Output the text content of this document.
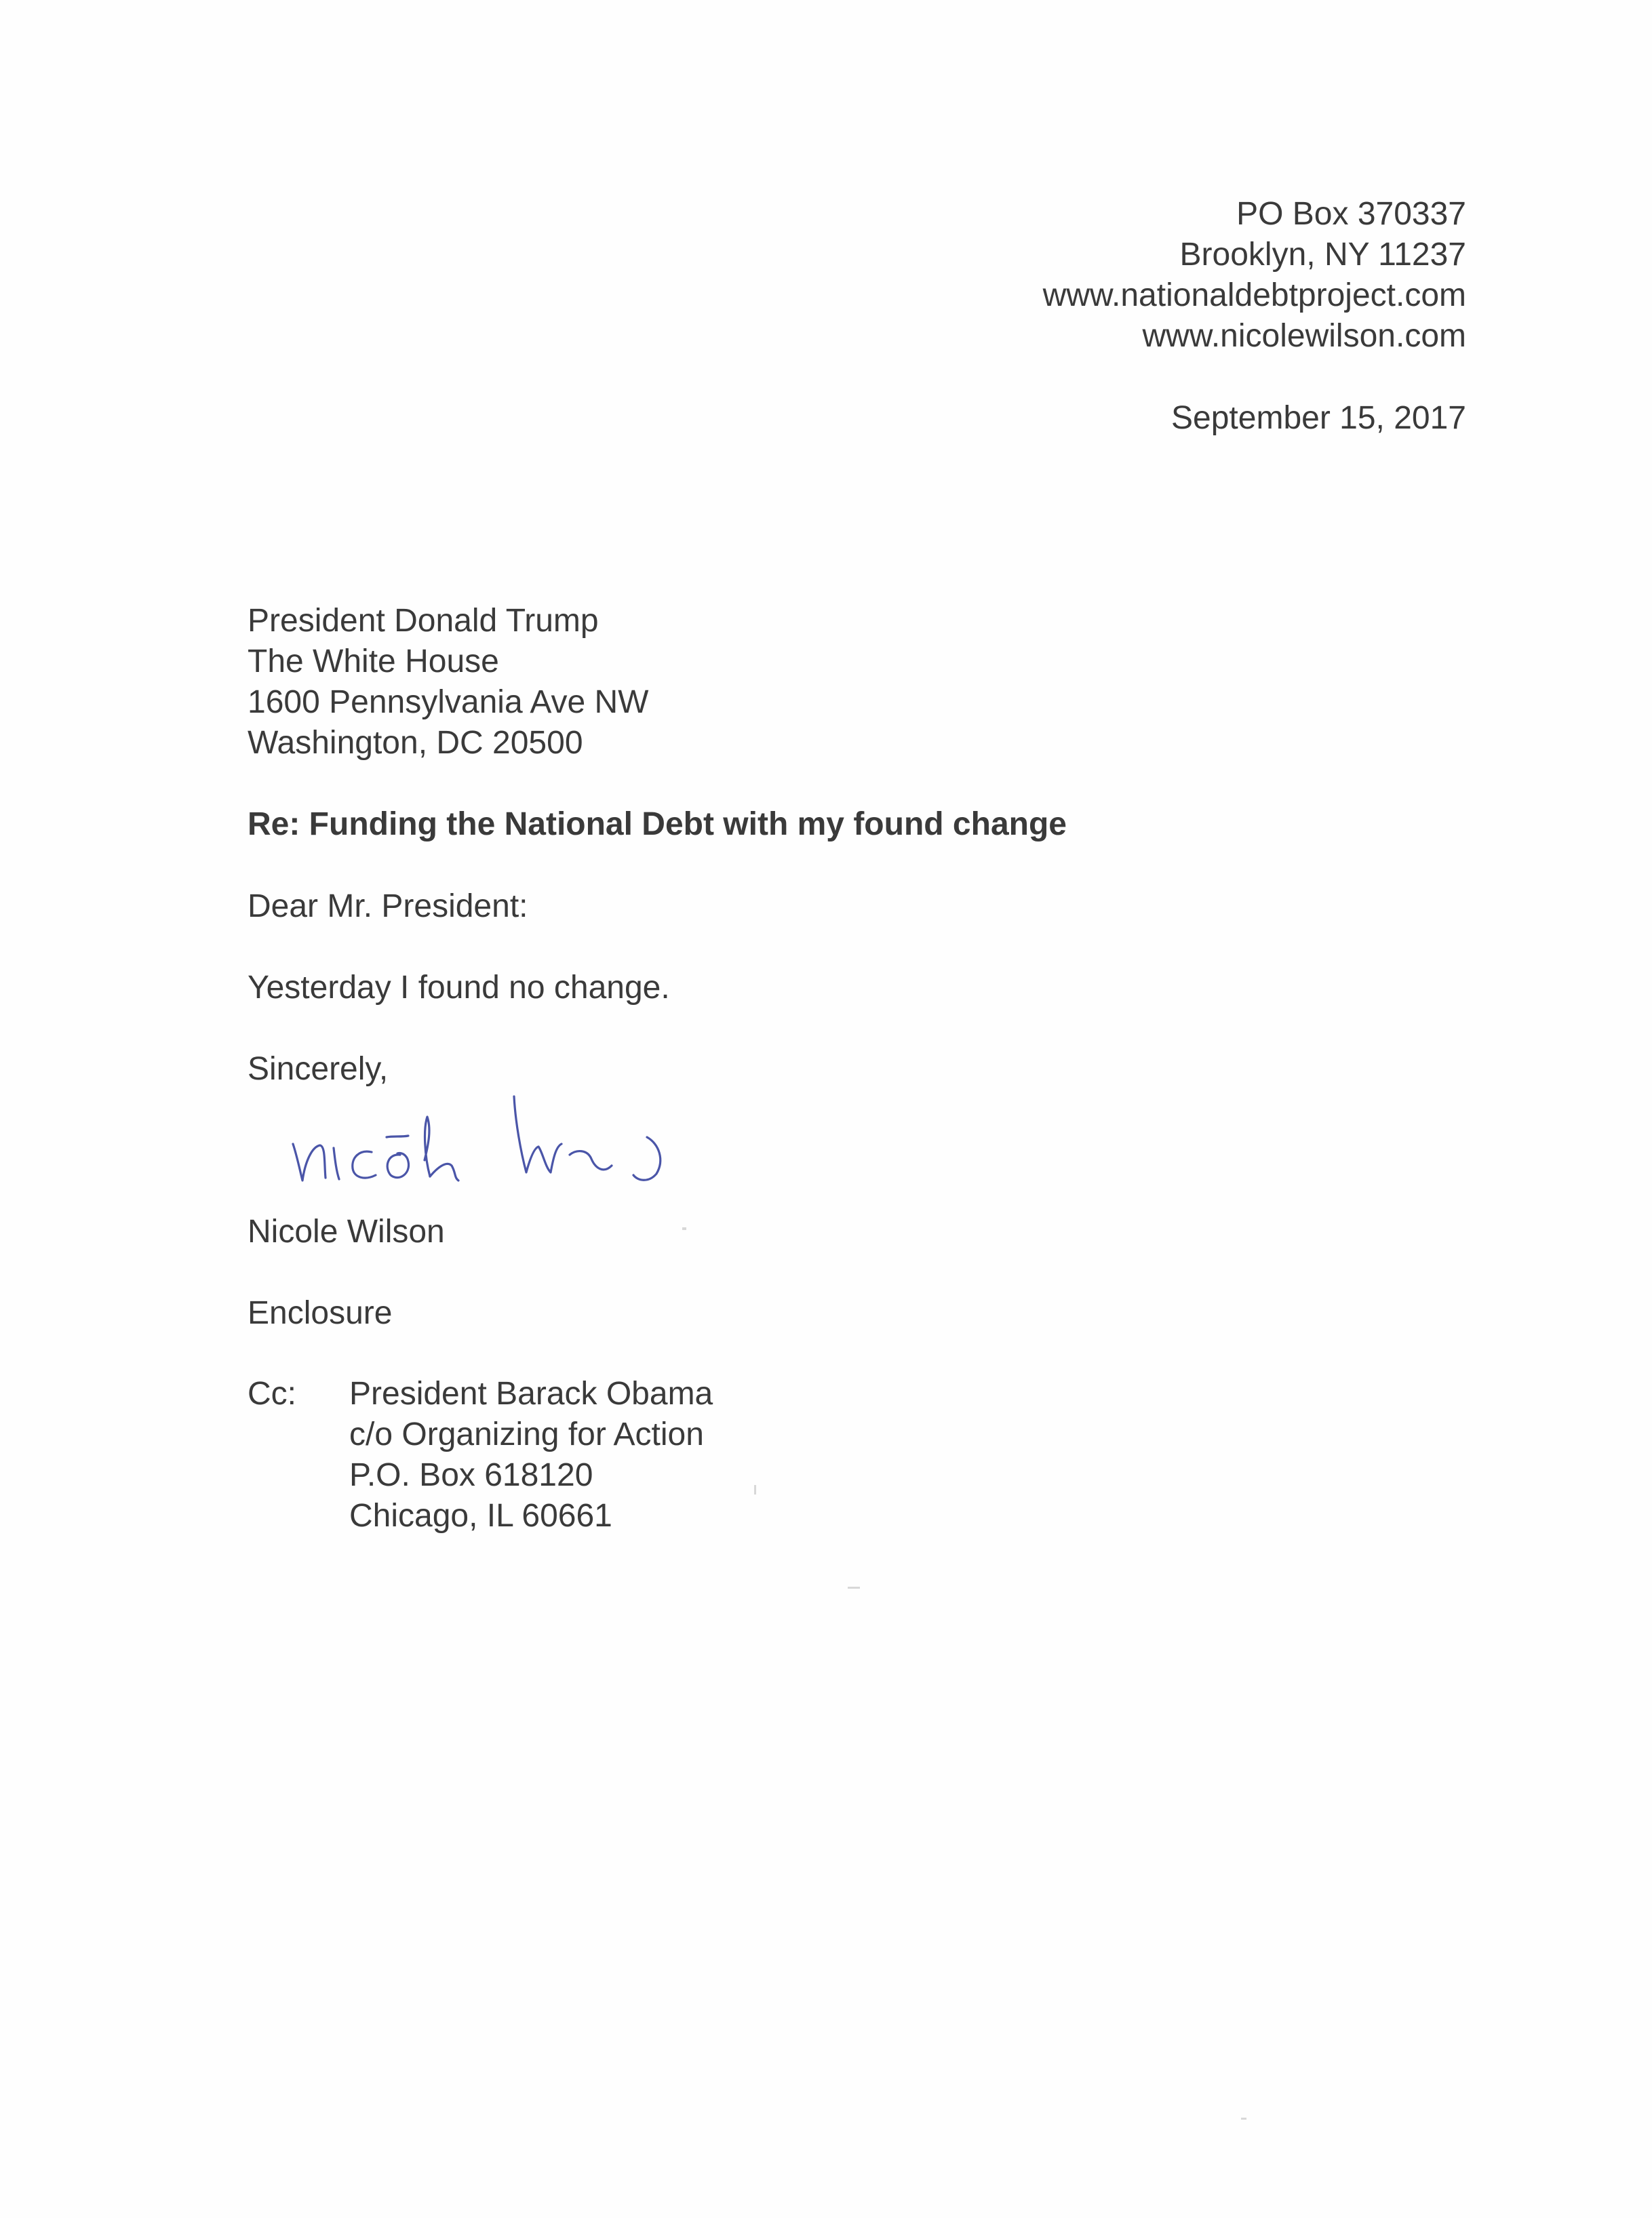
PO Box 370337
Brooklyn, NY 11237
www.nationaldebtproject.com
www.nicolewilson.com
September 15, 2017
President Donald Trump
The White House
1600 Pennsylvania Ave NW
Washington, DC 20500
Re: Funding the National Debt with my found change
Dear Mr. President:
Yesterday I found no change.
Sincerely,
Nicole Wilson
Enclosure
Cc: President Barack Obama
c/o Organizing for Action
P.O. Box 618120
Chicago, IL 60661
